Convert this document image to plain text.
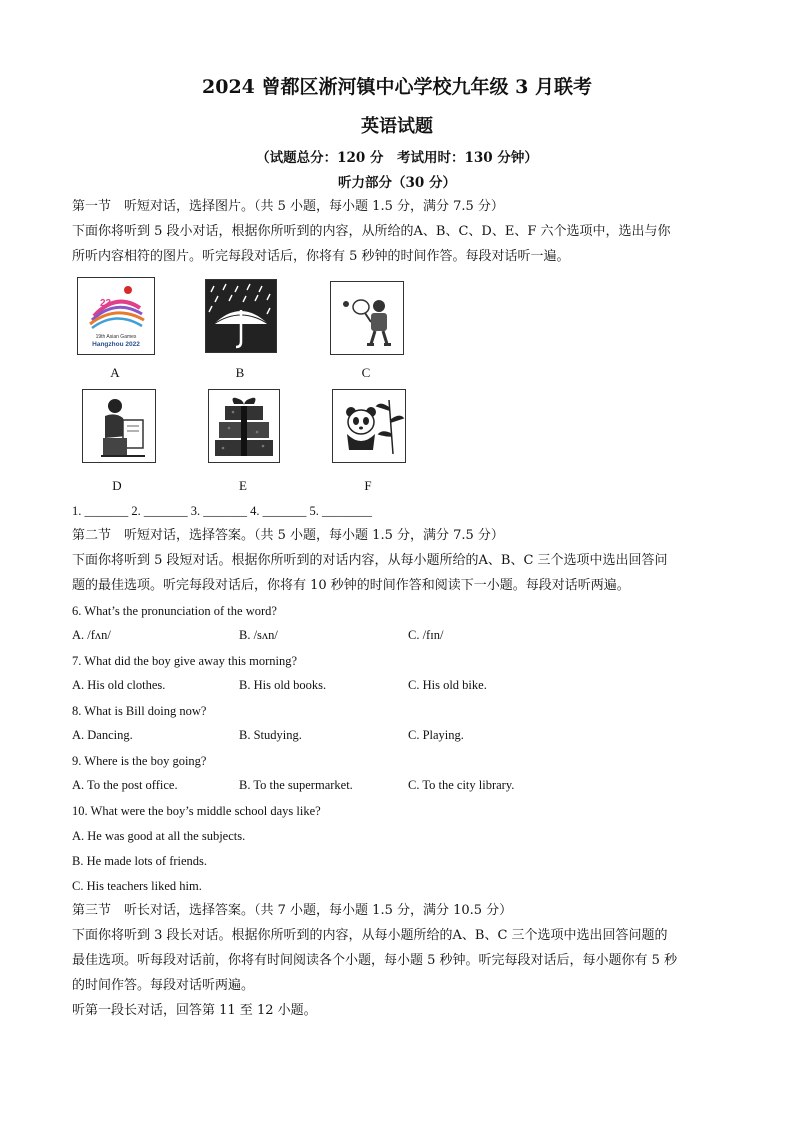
2024 曾都区淅河镇中心学校九年级 3 月联考
英语试题
（试题总分：120 分　考试用时：130 分钟）
听力部分（30 分）
第一节　听短对话，选择图片。（共 5 小题，每小题 1.5 分，满分 7.5 分）
下面你将听到 5 段小对话，根据你所听到的内容，从所给的A、B、C、D、E、F 六个选项中，选出与你
所听内容相符的图片。听完每段对话后，你将有 5 秒钟的时间作答。每段对话听一遍。
23
19th Asian Games
Hangzhou 2022
A	B	C
D	E	F
1. _______ 2. _______ 3. _______ 4. _______ 5. ________
第二节　听短对话，选择答案。（共 5 小题，每小题 1.5 分，满分 7.5 分）
下面你将听到 5 段短对话。根据你所听到的对话内容，从每小题所给的A、B、C 三个选项中选出回答问
题的最佳选项。听完每段对话后，你将有 10 秒钟的时间作答和阅读下一小题。每段对话听两遍。
6. What’s the pronunciation of the word?
A. /fʌn/	B. /sʌn/	C. /fɪn/
7. What did the boy give away this morning?
A. His old clothes.	B. His old books.	C. His old bike.
8. What is Bill doing now?
A. Dancing.	B. Studying.	C. Playing.
9. Where is the boy going?
A. To the post office.	B. To the supermarket.	C. To the city library.
10. What were the boy’s middle school days like?
A. He was good at all the subjects.
B. He made lots of friends.
C. His teachers liked him.
第三节　听长对话，选择答案。（共 7 小题，每小题 1.5 分，满分 10.5 分）
下面你将听到 3 段长对话。根据你所听到的内容，从每小题所给的A、B、C 三个选项中选出回答问题的
最佳选项。听每段对话前，你将有时间阅读各个小题，每小题 5 秒钟。听完每段对话后，每小题你有 5 秒
的时间作答。每段对话听两遍。
听第一段长对话，回答第 11 至 12 小题。
